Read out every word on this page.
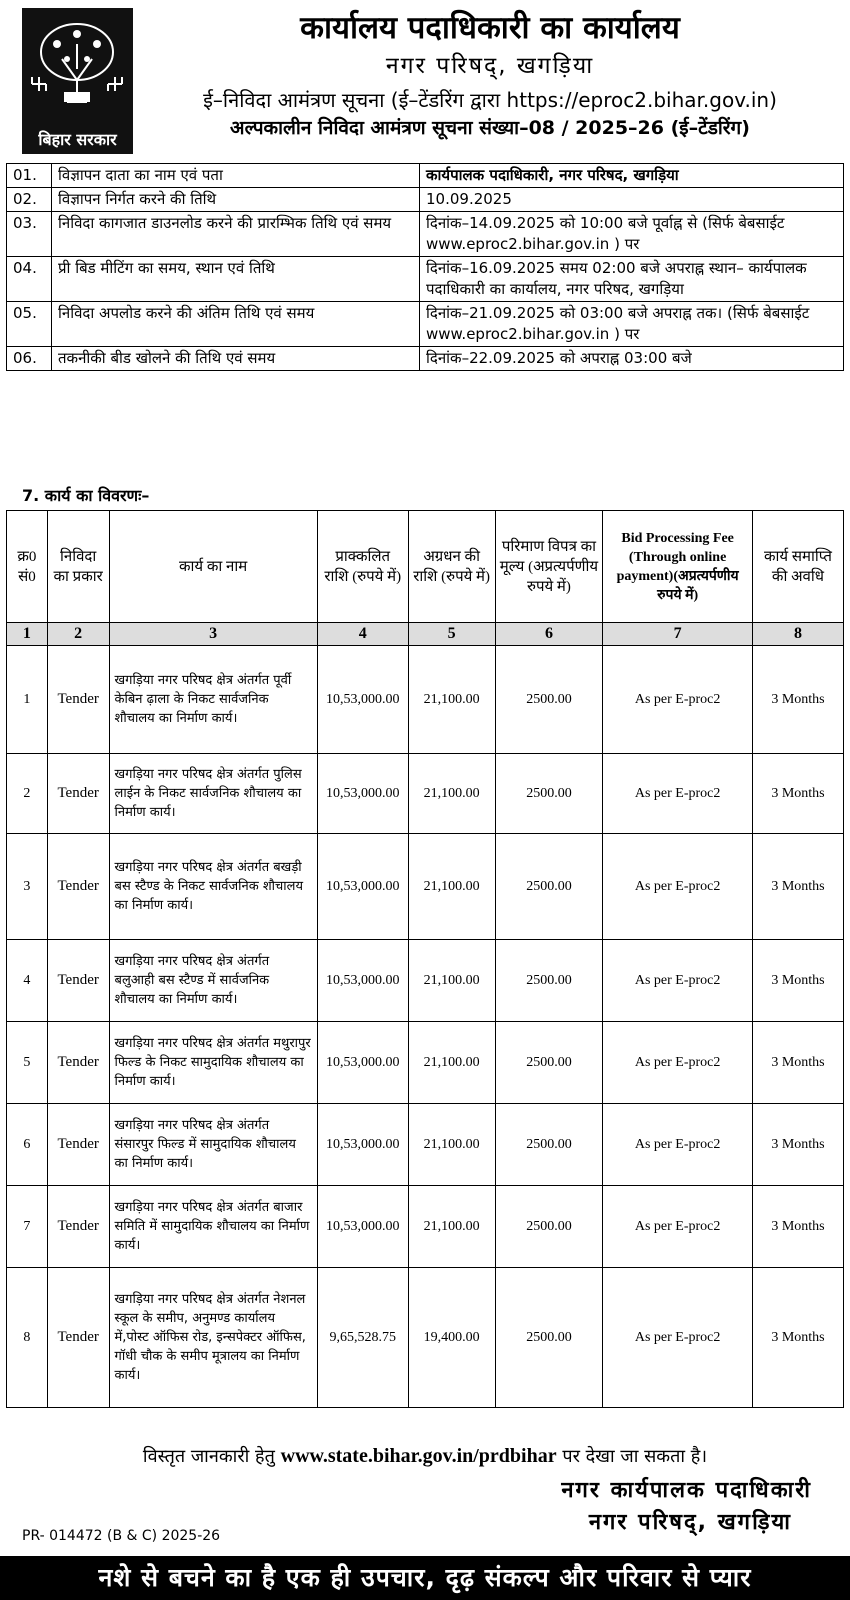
बिहार सरकार
कार्यालय पदाधिकारी का कार्यालय
नगर परिषद्, खगड़िया
ई–निविदा आमंत्रण सूचना (ई–टेंडरिंग द्वारा https://eproc2.bihar.gov.in)
अल्पकालीन निविदा आमंत्रण सूचना संख्या–08 / 2025–26 (ई–टेंडरिंग)
01.	विज्ञापन दाता का नाम एवं पता	कार्यपालक पदाधिकारी, नगर परिषद, खगड़िया
02.	विज्ञापन निर्गत करने की तिथि	10.09.2025
03.	निविदा कागजात डाउनलोड करने की प्रारम्भिक तिथि एवं समय	दिनांक–14.09.2025 को 10:00 बजे पूर्वाह्न से (सिर्फ बेबसाईट www.eproc2.bihar.gov.in ) पर
04.	प्री बिड मीटिंग का समय, स्थान एवं तिथि	दिनांक–16.09.2025 समय 02:00 बजे अपराह्न स्थान– कार्यपालक पदाधिकारी का कार्यालय, नगर परिषद, खगड़िया
05.	निविदा अपलोड करने की अंतिम तिथि एवं समय	दिनांक–21.09.2025 को 03:00 बजे अपराह्न तक। (सिर्फ बेबसाईट www.eproc2.bihar.gov.in ) पर
06.	तकनीकी बीड खोलने की तिथि एवं समय	दिनांक–22.09.2025 को अपराह्न 03:00 बजे
7. कार्य का विवरणः–
क्र0 सं0	निविदा का प्रकार	कार्य का नाम	प्राक्कलित राशि (रुपये में)	अग्रधन की राशि (रुपये में)	परिमाण विपत्र का मूल्य (अप्रत्यर्पणीय रुपये में)	Bid Processing Fee (Through online payment)(अप्रत्यर्पणीय रुपये में)	कार्य समाप्ति की अवधि
1	2	3	4	5	6	7	8
1	Tender	खगड़िया नगर परिषद क्षेत्र अंतर्गत पूर्वी केबिन ढ़ाला के निकट सार्वजनिक शौचालय का निर्माण कार्य।	10,53,000.00	21,100.00	2500.00	As per E-proc2	3 Months
2	Tender	खगड़िया नगर परिषद क्षेत्र अंतर्गत पुलिस लाईन के निकट सार्वजनिक शौचालय का निर्माण कार्य।	10,53,000.00	21,100.00	2500.00	As per E-proc2	3 Months
3	Tender	खगड़िया नगर परिषद क्षेत्र अंतर्गत बखड़ी बस स्टैण्ड के निकट सार्वजनिक शौचालय का निर्माण कार्य।	10,53,000.00	21,100.00	2500.00	As per E-proc2	3 Months
4	Tender	खगड़िया नगर परिषद क्षेत्र अंतर्गत बलुआही बस स्टैण्ड में सार्वजनिक शौचालय का निर्माण कार्य।	10,53,000.00	21,100.00	2500.00	As per E-proc2	3 Months
5	Tender	खगड़िया नगर परिषद क्षेत्र अंतर्गत मथुरापुर फिल्ड के निकट सामुदायिक शौचालय का निर्माण कार्य।	10,53,000.00	21,100.00	2500.00	As per E-proc2	3 Months
6	Tender	खगड़िया नगर परिषद क्षेत्र अंतर्गत संसारपुर फिल्ड में सामुदायिक शौचालय का निर्माण कार्य।	10,53,000.00	21,100.00	2500.00	As per E-proc2	3 Months
7	Tender	खगड़िया नगर परिषद क्षेत्र अंतर्गत बाजार समिति में सामुदायिक शौचालय का निर्माण कार्य।	10,53,000.00	21,100.00	2500.00	As per E-proc2	3 Months
8	Tender	खगड़िया नगर परिषद क्षेत्र अंतर्गत नेशनल स्कूल के समीप, अनुमण्ड कार्यालय में,पोस्ट ऑफिस रोड, इन्सपेक्टर ऑफिस, गॉधी चौक के समीप मूत्रालय का निर्माण कार्य।	9,65,528.75	19,400.00	2500.00	As per E-proc2	3 Months
विस्तृत जानकारी हेतु www.state.bihar.gov.in/prdbihar पर देखा जा सकता है।
नगर कार्यपालक पदाधिकारी
नगर परिषद्, खगड़िया
PR- 014472 (B & C) 2025-26
नशे से बचने का है एक ही उपचार, दृढ़ संकल्प और परिवार से प्यार
